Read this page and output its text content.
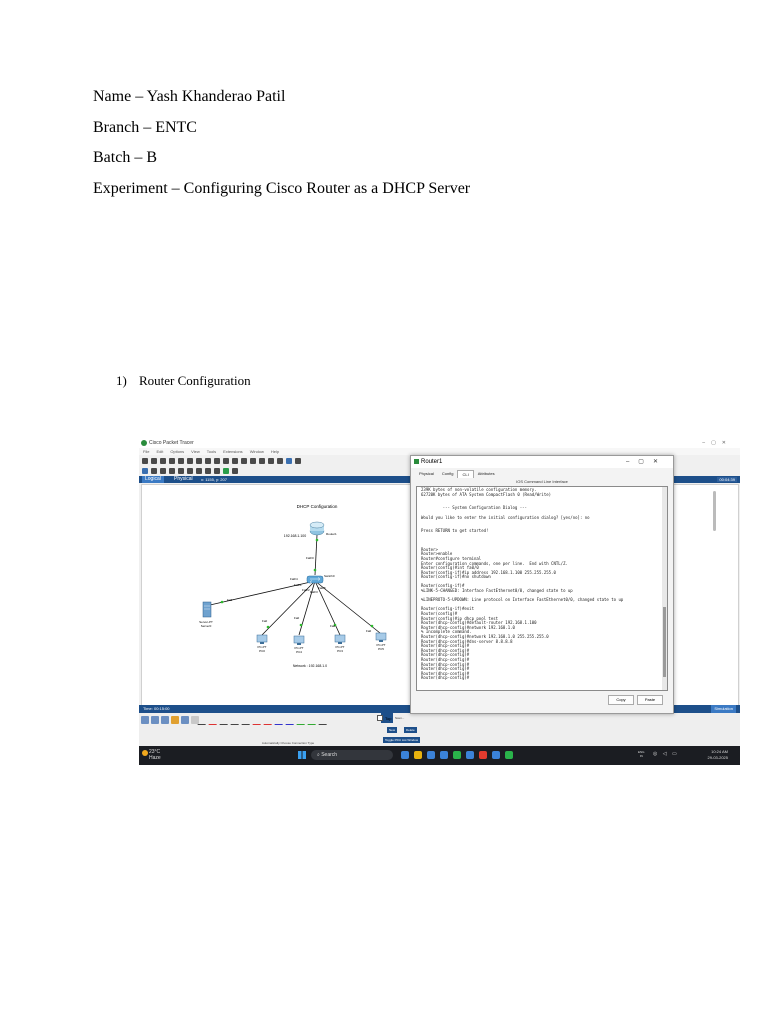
Name – Yash Khanderao Patil
Branch – ENTC
Batch – B
Experiment – Configuring Cisco Router as a DHCP Server
1) Router Configuration
Cisco Packet Tracer	–▢✕
File Edit Options View Tools Extensions Window Help
Logical	Physical	x: 1155, y: 207	00:04:39
DHCP Configuration
192.168.1.100	Router1
Fa0/0
Fa0/4
Switch0
Fa0/1
Fa0/2 Fa0/3
Fa0/5
Fa0
Server-PT
Server0
Fa0
Fa0
Fa0
Fa0
PC-PT
PC0
PC-PT
PC4
PC-PT
PC3
PC-PT
PC5
Network : 192.168.1.0
Time: 00:15:00	Simulation
Automatically Choose Connection Type
Scen...
New	Delete
Toggle PDU List Window
23°C
Haze	⌕ Search	ENG
IN	◎ ◁ ▭	10:24 AM
29-03-2025
Router1	–▢✕
Physical	Config	CLI	Attributes
IOS Command Line Interface
239K bytes of non-volatile configuration memory.
62720K bytes of ATA System CompactFlash 0 (Read/Write)

--- System Configuration Dialog ---

Would you like to enter the initial configuration dialog? [yes/no]: no

Press RETURN to get started!

Router>
Router>enable
Router#configure terminal
Enter configuration commands, one per line.  End with CNTL/Z.
Router(config)#int fa0/0
Router(config-if)#ip address 192.168.1.100 255.255.255.0
Router(config-if)#no shutdown

Router(config-if)#
%LINK-5-CHANGED: Interface FastEthernet0/0, changed state to up

%LINEPROTO-5-UPDOWN: Line protocol on Interface FastEthernet0/0, changed state to up

Router(config-if)#exit
Router(config)#
Router(config)#ip dhcp pool test
Router(dhcp-config)#default-router 192.168.1.100
Router(dhcp-config)#network 192.168.1.0
% Incomplete command.
Router(dhcp-config)#network 192.168.1.0 255.255.255.0
Router(dhcp-config)#dns-server 8.8.8.8
Router(dhcp-config)#
Router(dhcp-config)#
Router(dhcp-config)#
Router(dhcp-config)#
Router(dhcp-config)#
Router(dhcp-config)#
Router(dhcp-config)#
Router(dhcp-config)#
Copy	Paste
Top
